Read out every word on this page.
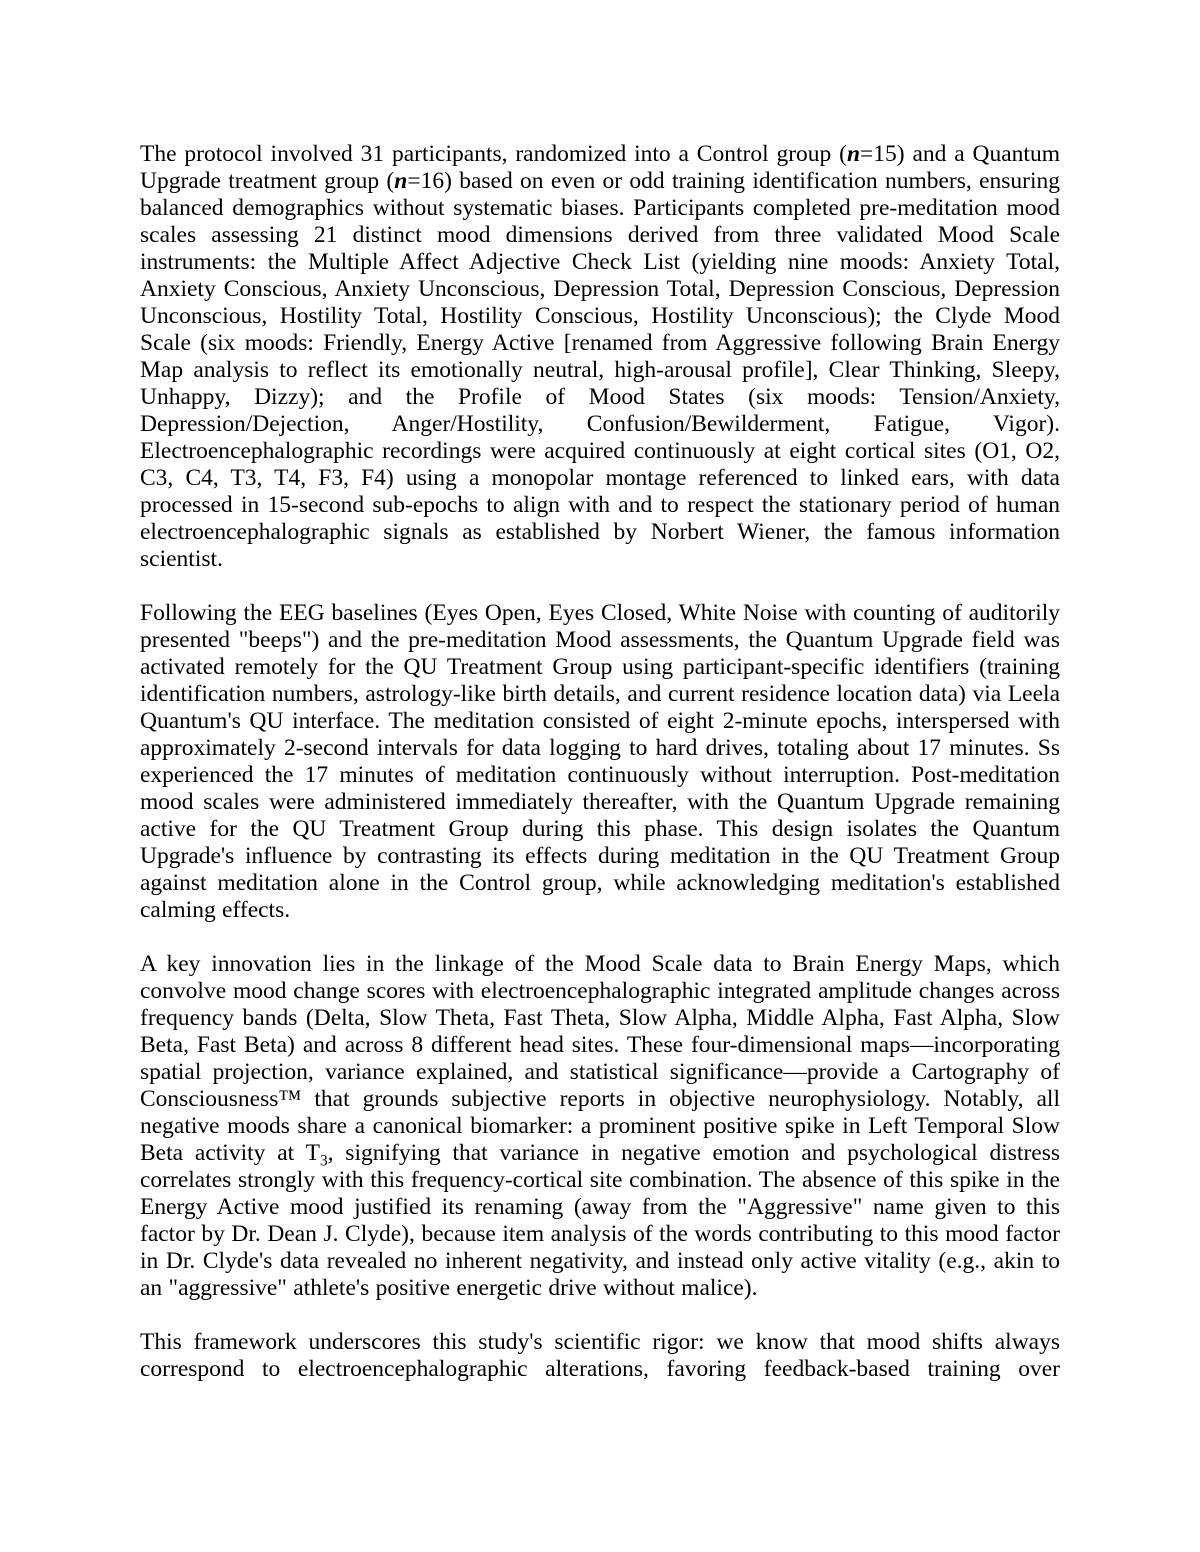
The protocol involved 31 participants, randomized into a Control group (n=15) and a Quantum Upgrade treatment group (n=16) based on even or odd training identification numbers, ensuring balanced demographics without systematic biases. Participants completed pre-meditation mood scales assessing 21 distinct mood dimensions derived from three validated Mood Scale instruments: the Multiple Affect Adjective Check List (yielding nine moods: Anxiety Total, Anxiety Conscious, Anxiety Unconscious, Depression Total, Depression Conscious, Depression Unconscious, Hostility Total, Hostility Conscious, Hostility Unconscious); the Clyde Mood Scale (six moods: Friendly, Energy Active [renamed from Aggressive following Brain Energy Map analysis to reflect its emotionally neutral, high-arousal profile], Clear Thinking, Sleepy, Unhappy, Dizzy); and the Profile of Mood States (six moods: Tension/Anxiety, Depression/Dejection, Anger/Hostility, Confusion/Bewilderment, Fatigue, Vigor). Electroencephalographic recordings were acquired continuously at eight cortical sites (O1, O2, C3, C4, T3, T4, F3, F4) using a monopolar montage referenced to linked ears, with data processed in 15-second sub-epochs to align with and to respect the stationary period of human electroencephalographic signals as established by Norbert Wiener, the famous information scientist.

Following the EEG baselines (Eyes Open, Eyes Closed, White Noise with counting of auditorily presented "beeps") and the pre-meditation Mood assessments, the Quantum Upgrade field was activated remotely for the QU Treatment Group using participant-specific identifiers (training identification numbers, astrology-like birth details, and current residence location data) via Leela Quantum's QU interface. The meditation consisted of eight 2-minute epochs, interspersed with approximately 2-second intervals for data logging to hard drives, totaling about 17 minutes. Ss experienced the 17 minutes of meditation continuously without interruption. Post-meditation mood scales were administered immediately thereafter, with the Quantum Upgrade remaining active for the QU Treatment Group during this phase. This design isolates the Quantum Upgrade's influence by contrasting its effects during meditation in the QU Treatment Group against meditation alone in the Control group, while acknowledging meditation's established calming effects.

A key innovation lies in the linkage of the Mood Scale data to Brain Energy Maps, which convolve mood change scores with electroencephalographic integrated amplitude changes across frequency bands (Delta, Slow Theta, Fast Theta, Slow Alpha, Middle Alpha, Fast Alpha, Slow Beta, Fast Beta) and across 8 different head sites. These four-dimensional maps—incorporating spatial projection, variance explained, and statistical significance—provide a Cartography of Consciousness™ that grounds subjective reports in objective neurophysiology. Notably, all negative moods share a canonical biomarker: a prominent positive spike in Left Temporal Slow Beta activity at $T_3$, signifying that variance in negative emotion and psychological distress correlates strongly with this frequency-cortical site combination. The absence of this spike in the Energy Active mood justified its renaming (away from the "Aggressive" name given to this factor by Dr. Dean J. Clyde), because item analysis of the words contributing to this mood factor in Dr. Clyde's data revealed no inherent negativity, and instead only active vitality (e.g., akin to an "aggressive" athlete's positive energetic drive without malice).

This framework underscores this study's scientific rigor: we know that mood shifts always correspond to electroencephalographic alterations, favoring feedback-based training over
